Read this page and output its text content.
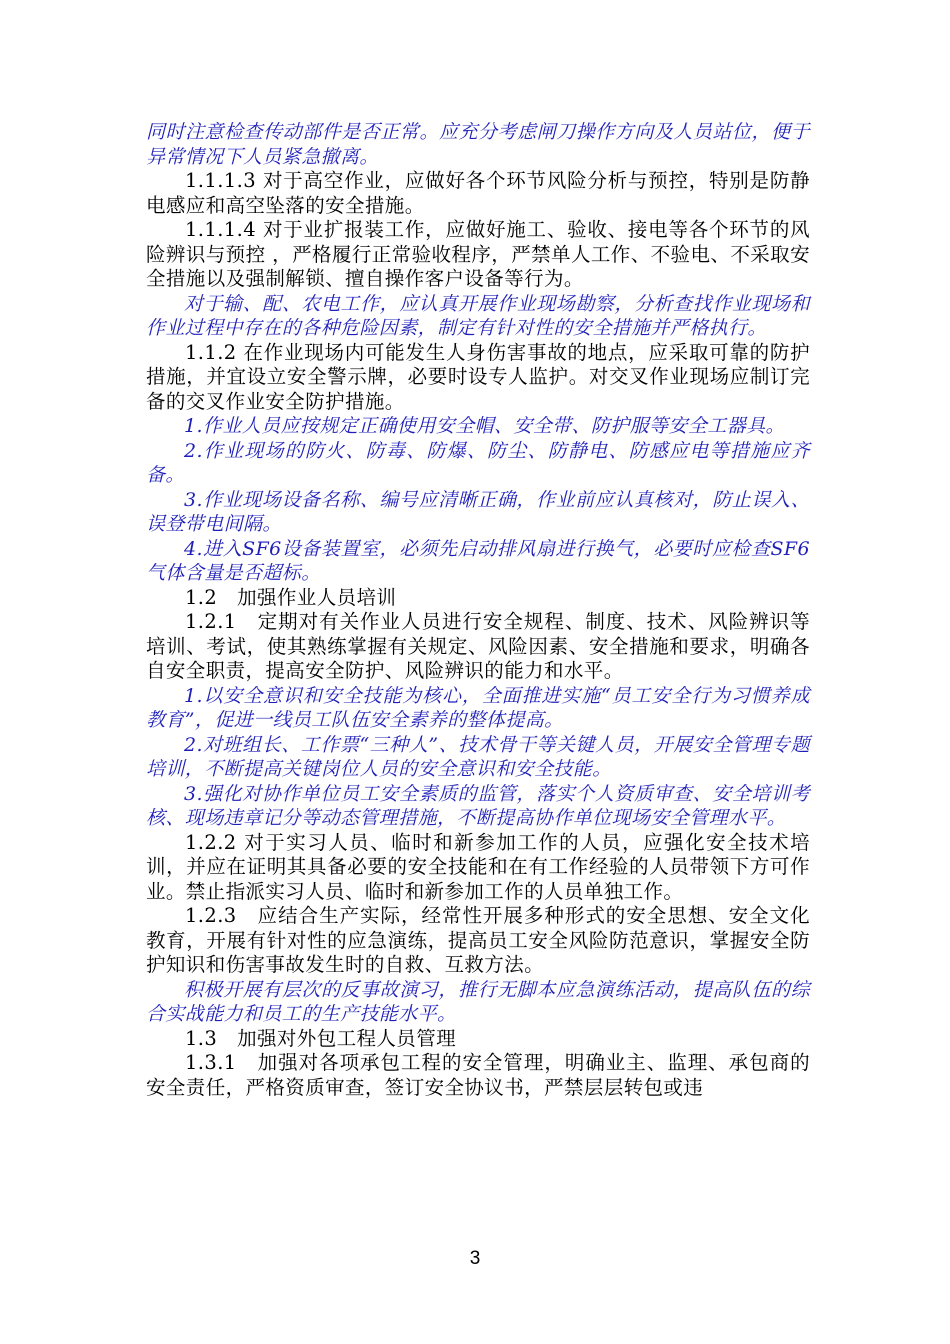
同时注意检查传动部件是否正常。应充分考虑闸刀操作方向及人员站位，便于异常情况下人员紧急撤离。

1.1.1.3 对于高空作业，应做好各个环节风险分析与预控，特别是防静电感应和高空坠落的安全措施。

1.1.1.4 对于业扩报装工作，应做好施工、验收、接电等各个环节的风险辨识与预控 ，严格履行正常验收程序，严禁单人工作、不验电、不采取安全措施以及强制解锁、擅自操作客户设备等行为。

对于输、配、农电工作，应认真开展作业现场勘察，分析查找作业现场和作业过程中存在的各种危险因素，制定有针对性的安全措施并严格执行。

1.1.2 在作业现场内可能发生人身伤害事故的地点，应采取可靠的防护措施，并宜设立安全警示牌，必要时设专人监护。对交叉作业现场应制订完备的交叉作业安全防护措施。

1.作业人员应按规定正确使用安全帽、安全带、防护服等安全工器具。

2.作业现场的防火、防毒、防爆、防尘、防静电、防感应电等措施应齐备。

3.作业现场设备名称、编号应清晰正确，作业前应认真核对，防止误入、误登带电间隔。

4.进入SF6设备装置室，必须先启动排风扇进行换气，必要时应检查SF6气体含量是否超标。

1.2　加强作业人员培训

1.2.1　定期对有关作业人员进行安全规程、制度、技术、风险辨识等培训、考试，使其熟练掌握有关规定、风险因素、安全措施和要求，明确各自安全职责，提高安全防护、风险辨识的能力和水平。

1.以安全意识和安全技能为核心，全面推进实施“员工安全行为习惯养成教育”，促进一线员工队伍安全素养的整体提高。

2.对班组长、工作票“三种人”、技术骨干等关键人员，开展安全管理专题培训，不断提高关键岗位人员的安全意识和安全技能。

3.强化对协作单位员工安全素质的监管，落实个人资质审查、安全培训考核、现场违章记分等动态管理措施，不断提高协作单位现场安全管理水平。

1.2.2 对于实习人员、临时和新参加工作的人员，应强化安全技术培训，并应在证明其具备必要的安全技能和在有工作经验的人员带领下方可作业。禁止指派实习人员、临时和新参加工作的人员单独工作。

1.2.3　应结合生产实际，经常性开展多种形式的安全思想、安全文化教育，开展有针对性的应急演练，提高员工安全风险防范意识，掌握安全防护知识和伤害事故发生时的自救、互救方法。

积极开展有层次的反事故演习，推行无脚本应急演练活动，提高队伍的综合实战能力和员工的生产技能水平。

1.3　加强对外包工程人员管理

1.3.1　加强对各项承包工程的安全管理，明确业主、监理、承包商的安全责任，严格资质审查，签订安全协议书，严禁层层转包或违

3
